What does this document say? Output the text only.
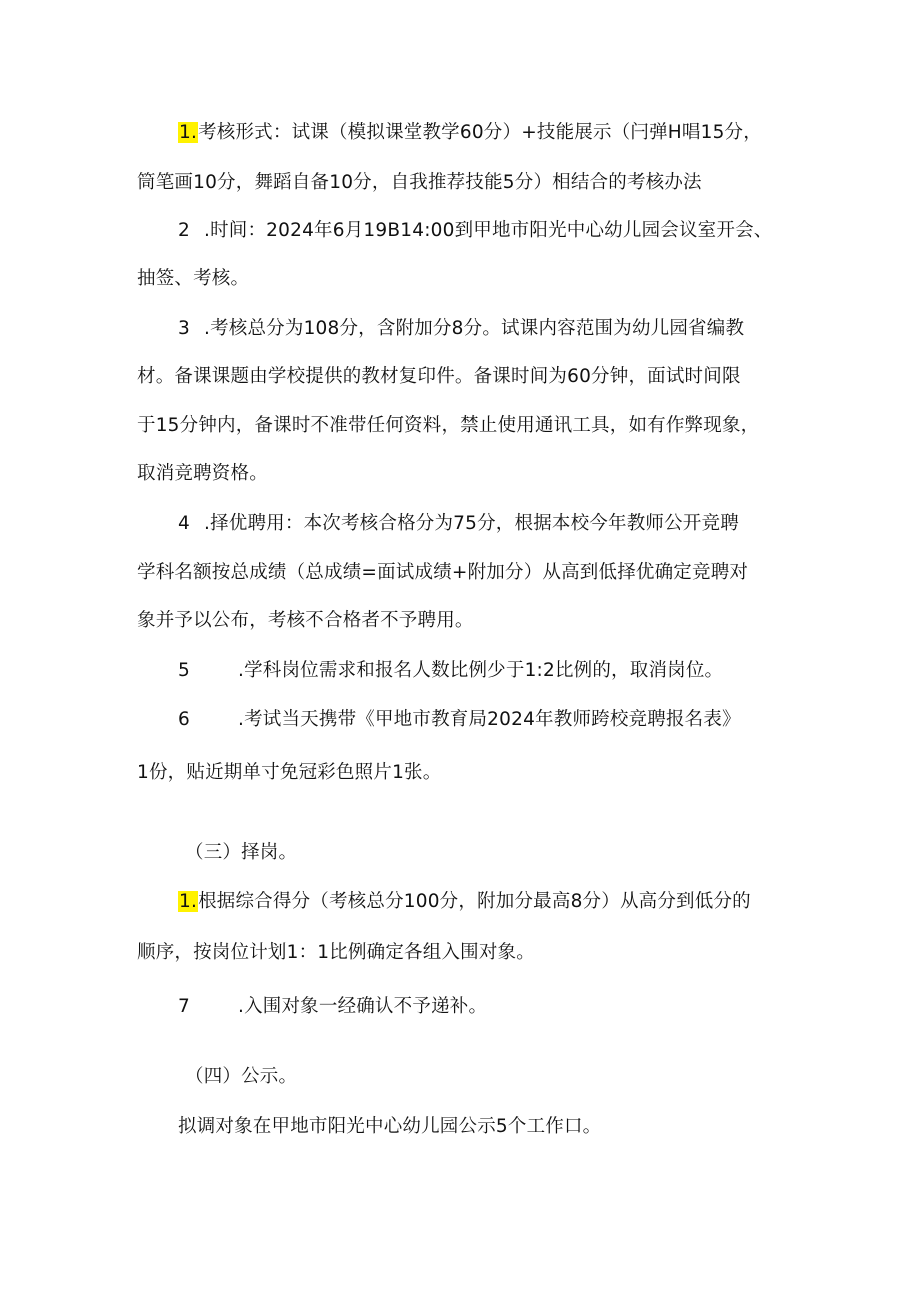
1.考核形式：试课（模拟课堂教学60分）+技能展示（闩弹H唱15分，

筒笔画10分，舞蹈自备10分，自我推荐技能5分）相结合的考核办法

2 .时间：2024年6月19B14:00到甲地市阳光中心幼儿园会议室开会、

抽签、考核。

3 .考核总分为108分，含附加分8分。试课内容范围为幼儿园省编教

材。备课课题由学校提供的教材复印件。备课时间为60分钟，面试时间限

于15分钟内，备课时不准带任何资料，禁止使用通讯工具，如有作弊现象，

取消竞聘资格。

4 .择优聘用：本次考核合格分为75分，根据本校今年教师公开竞聘

学科名额按总成绩（总成绩=面试成绩+附加分）从高到低择优确定竞聘对

象并予以公布，考核不合格者不予聘用。

5	.学科岗位需求和报名人数比例少于1:2比例的，取消岗位。

6	.考试当天携带《甲地市教育局2024年教师跨校竞聘报名表》

1份，贴近期单寸免冠彩色照片1张。

（三）择岗。

1.根据综合得分（考核总分100分，附加分最高8分）从高分到低分的

顺序，按岗位计划1：1比例确定各组入围对象。

7	.入围对象一经确认不予递补。

（四）公示。

拟调对象在甲地市阳光中心幼儿园公示5个工作口。
